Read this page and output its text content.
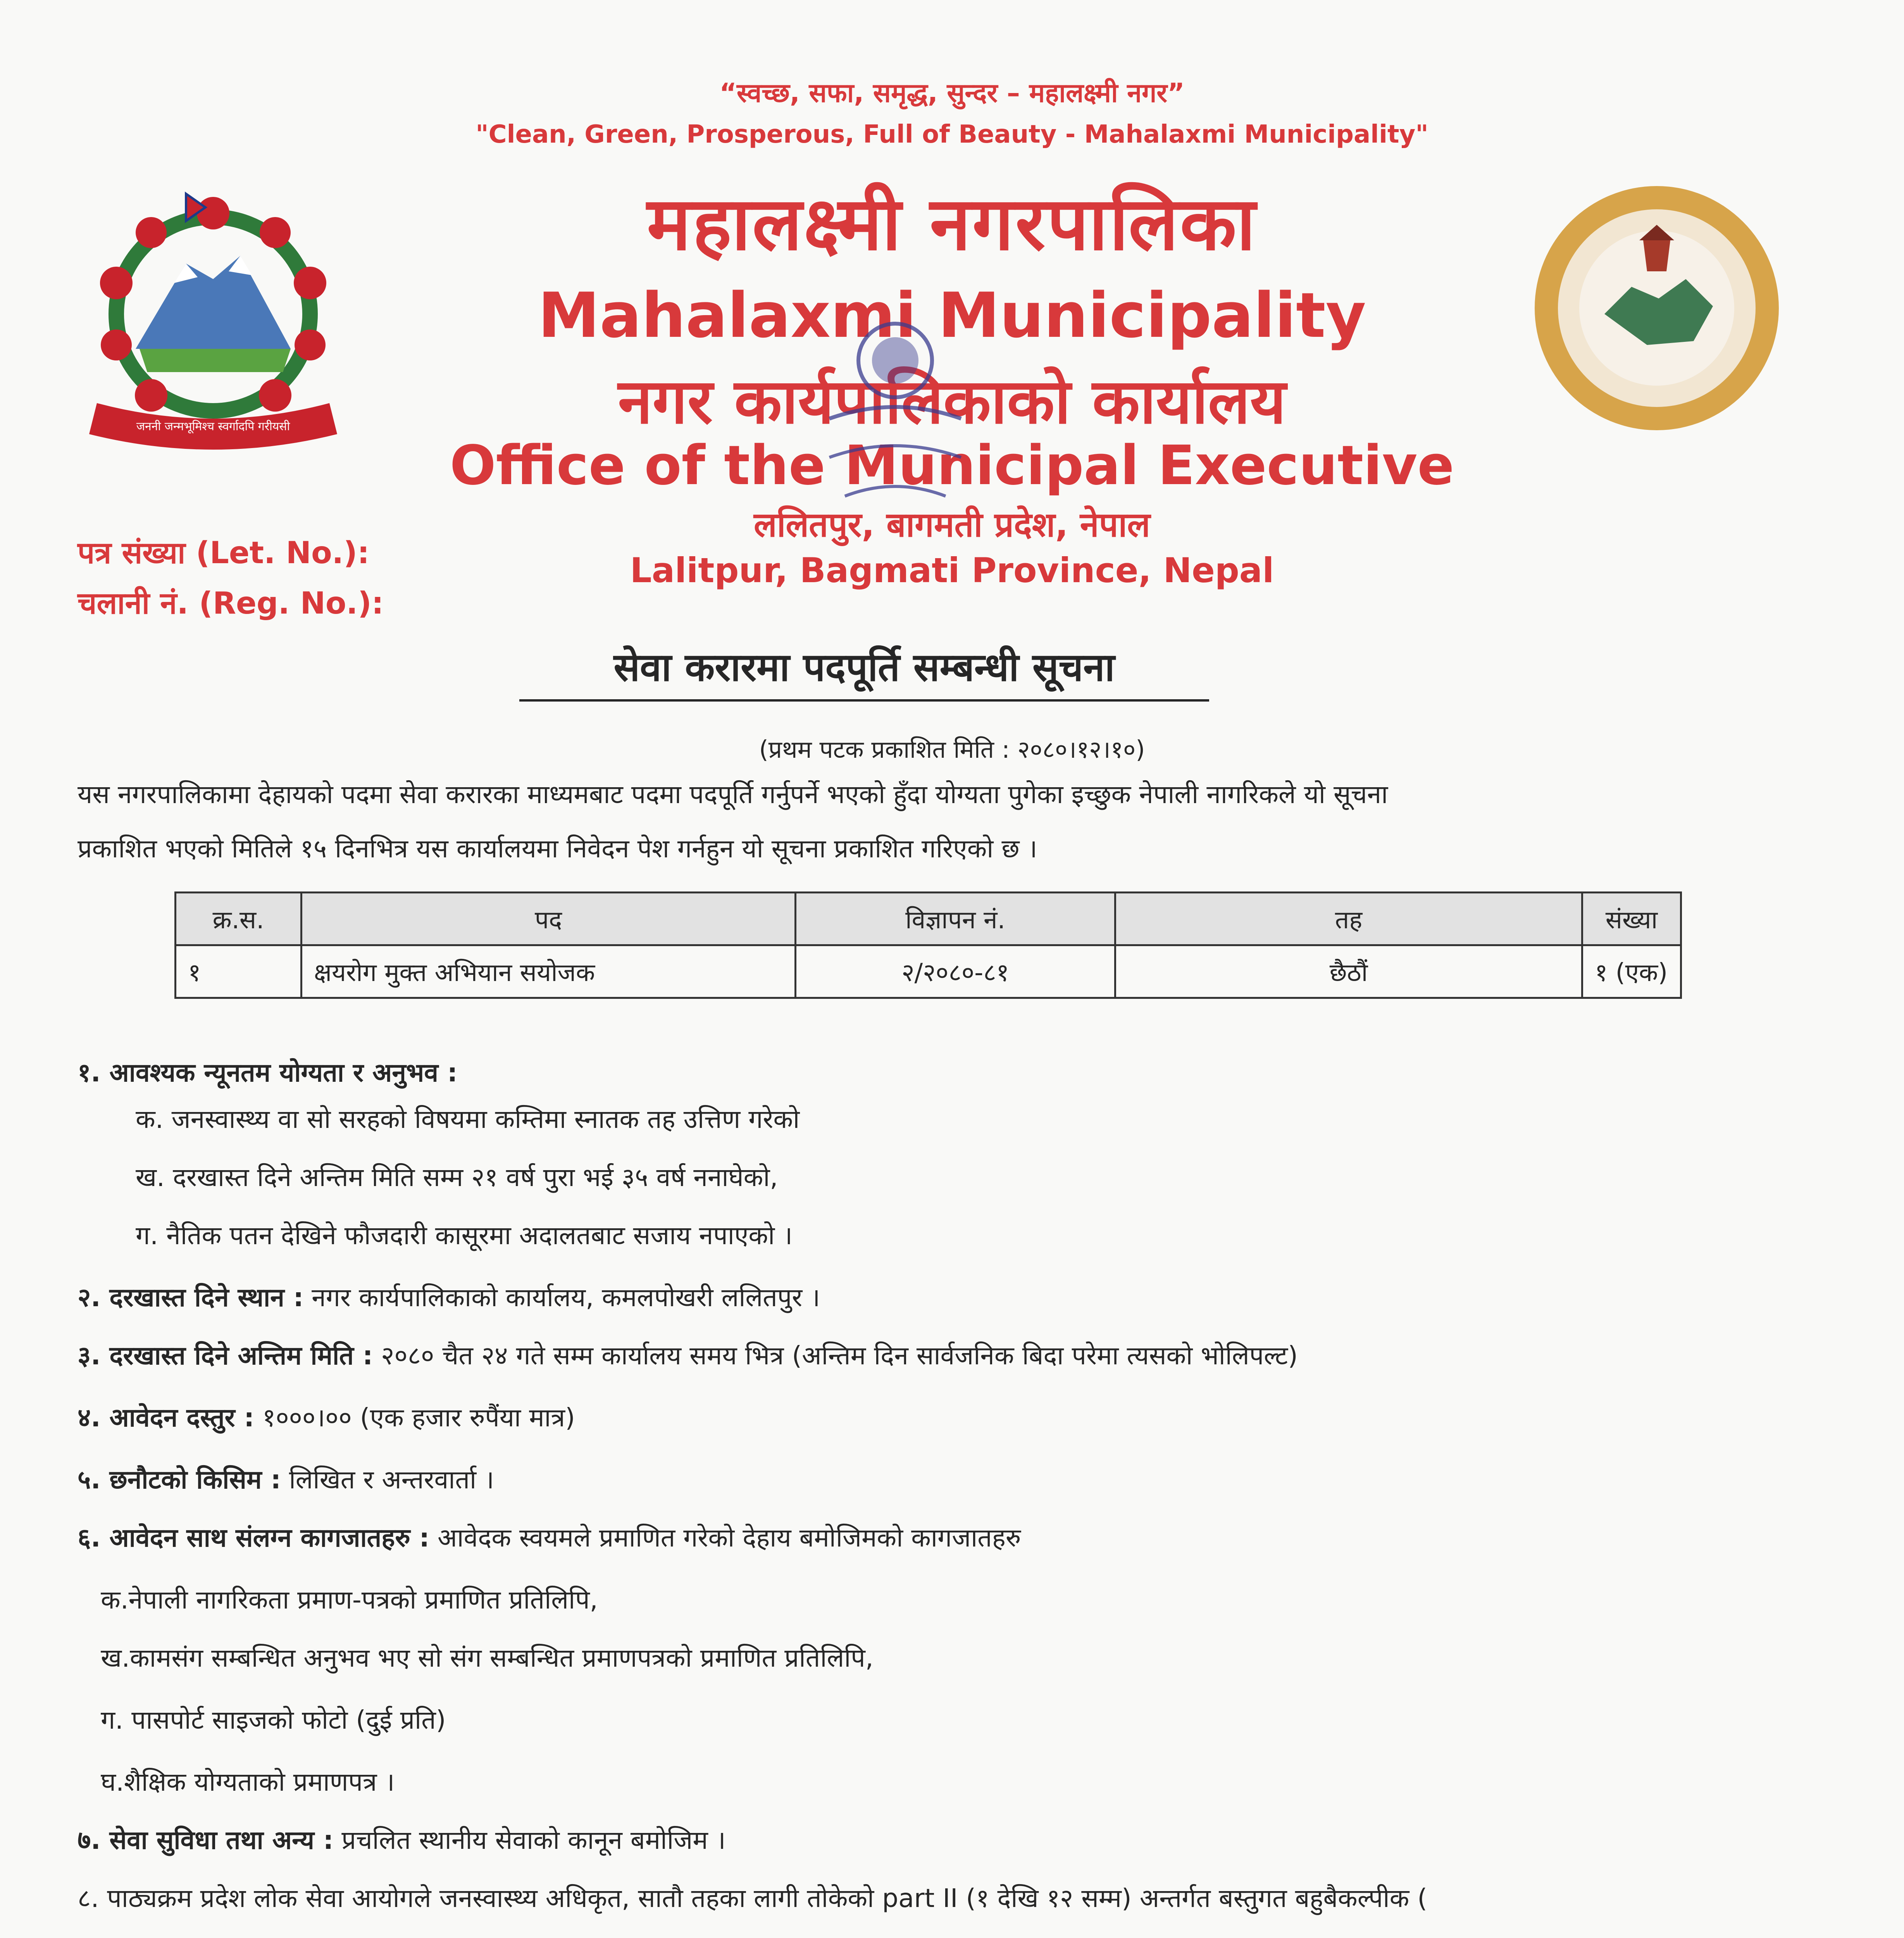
जननी जन्मभूमिश्च स्वर्गादपि गरीयसी
“स्वच्छ, सफा, समृद्ध, सुन्दर – महालक्ष्मी नगर”
"Clean, Green, Prosperous, Full of Beauty - Mahalaxmi Municipality"
महालक्ष्मी नगरपालिका
Mahalaxmi Municipality
नगर कार्यपालिकाको कार्यालय
Office of the Municipal Executive
ललितपुर, बागमती प्रदेश, नेपाल
Lalitpur, Bagmati Province, Nepal
पत्र संख्या (Let. No.):
चलानी नं. (Reg. No.):
सेवा करारमा पदपूर्ति सम्बन्धी सूचना
(प्रथम पटक प्रकाशित मिति : २०८०।१२।१०)
यस नगरपालिकामा देहायको पदमा सेवा करारका माध्यमबाट पदमा पदपूर्ति गर्नुपर्ने भएको हुँदा योग्यता पुगेका इच्छुक नेपाली नागरिकले यो सूचना
प्रकाशित भएको मितिले १५ दिनभित्र यस कार्यालयमा निवेदन पेश गर्नहुन यो सूचना प्रकाशित गरिएको छ ।
क्र.स.	पद	विज्ञापन नं.	तह	संख्या
१	क्षयरोग मुक्त अभियान सयोजक	२/२०८०-८१	छैठौं	१ (एक)
१. आवश्यक न्यूनतम योग्यता र अनुभव :
क. जनस्वास्थ्य वा सो सरहको विषयमा कम्तिमा स्नातक तह उत्तिण गरेको
ख. दरखास्त दिने अन्तिम मिति सम्म २१ वर्ष पुरा भई ३५ वर्ष ननाघेको,
ग. नैतिक पतन देखिने फौजदारी कासूरमा अदालतबाट सजाय नपाएको ।
२. दरखास्त दिने स्थान : नगर कार्यपालिकाको कार्यालय, कमलपोखरी ललितपुर ।
३. दरखास्त दिने अन्तिम मिति : २०८० चैत २४ गते सम्म कार्यालय समय भित्र (अन्तिम दिन सार्वजनिक बिदा परेमा त्यसको भोलिपल्ट)
४. आवेदन दस्तुर : १०००।०० (एक हजार रुपैंया मात्र)
५. छनौटको किसिम : लिखित र अन्तरवार्ता ।
६. आवेदन साथ संलग्न कागजातहरु : आवेदक स्वयमले प्रमाणित गरेको देहाय बमोजिमको कागजातहरु
क.नेपाली नागरिकता प्रमाण-पत्रको प्रमाणित प्रतिलिपि,
ख.कामसंग सम्बन्धित अनुभव भए सो संग सम्बन्धित प्रमाणपत्रको प्रमाणित प्रतिलिपि,
ग. पासपोर्ट साइजको फोटो (दुई प्रति)
घ.शैक्षिक योग्यताको प्रमाणपत्र ।
७. सेवा सुविधा तथा अन्य : प्रचलित स्थानीय सेवाको कानून बमोजिम ।
८. पाठ्यक्रम प्रदेश लोक सेवा आयोगले जनस्वास्थ्य अधिकृत, सातौ तहका लागी तोकेको part II (१ देखि १२ सम्म) अन्तर्गत बस्तुगत बहुबैकल्पीक (
